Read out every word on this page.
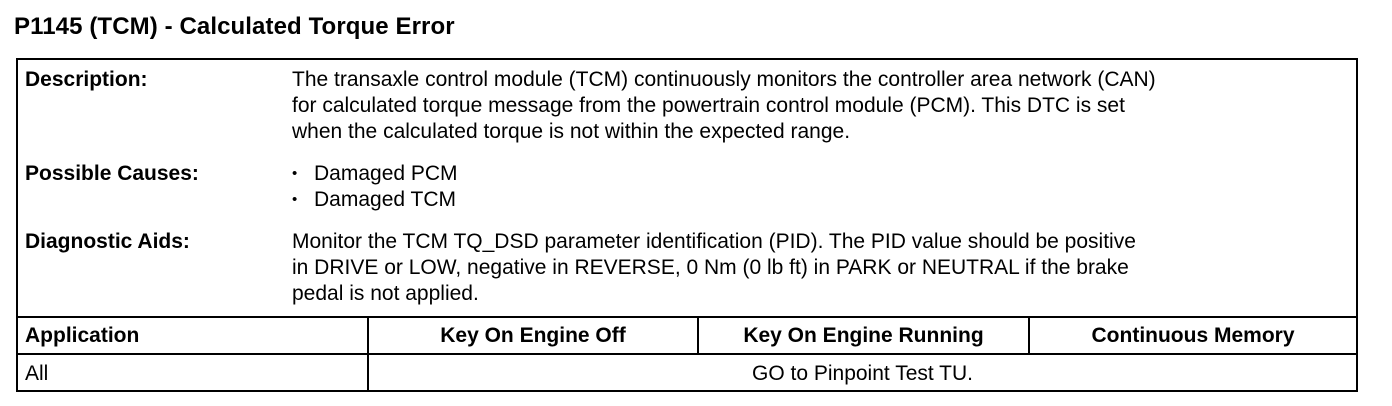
P1145 (TCM) - Calculated Torque Error
Description:	The transaxle control module (TCM) continuously monitors the controller area network (CAN)
for calculated torque message from the powertrain control module (PCM). This DTC is set
when the calculated torque is not within the expected range.
Possible Causes:
•	Damaged PCM
• Damaged TCM
Diagnostic Aids:	Monitor the TCM TQ_DSD parameter identification (PID). The PID value should be positive
in DRIVE or LOW, negative in REVERSE, 0 Nm (0 lb ft) in PARK or NEUTRAL if the brake
pedal is not applied.
Application	Key On Engine Off	Key On Engine Running	Continuous Memory
All	GO to Pinpoint Test TU.
